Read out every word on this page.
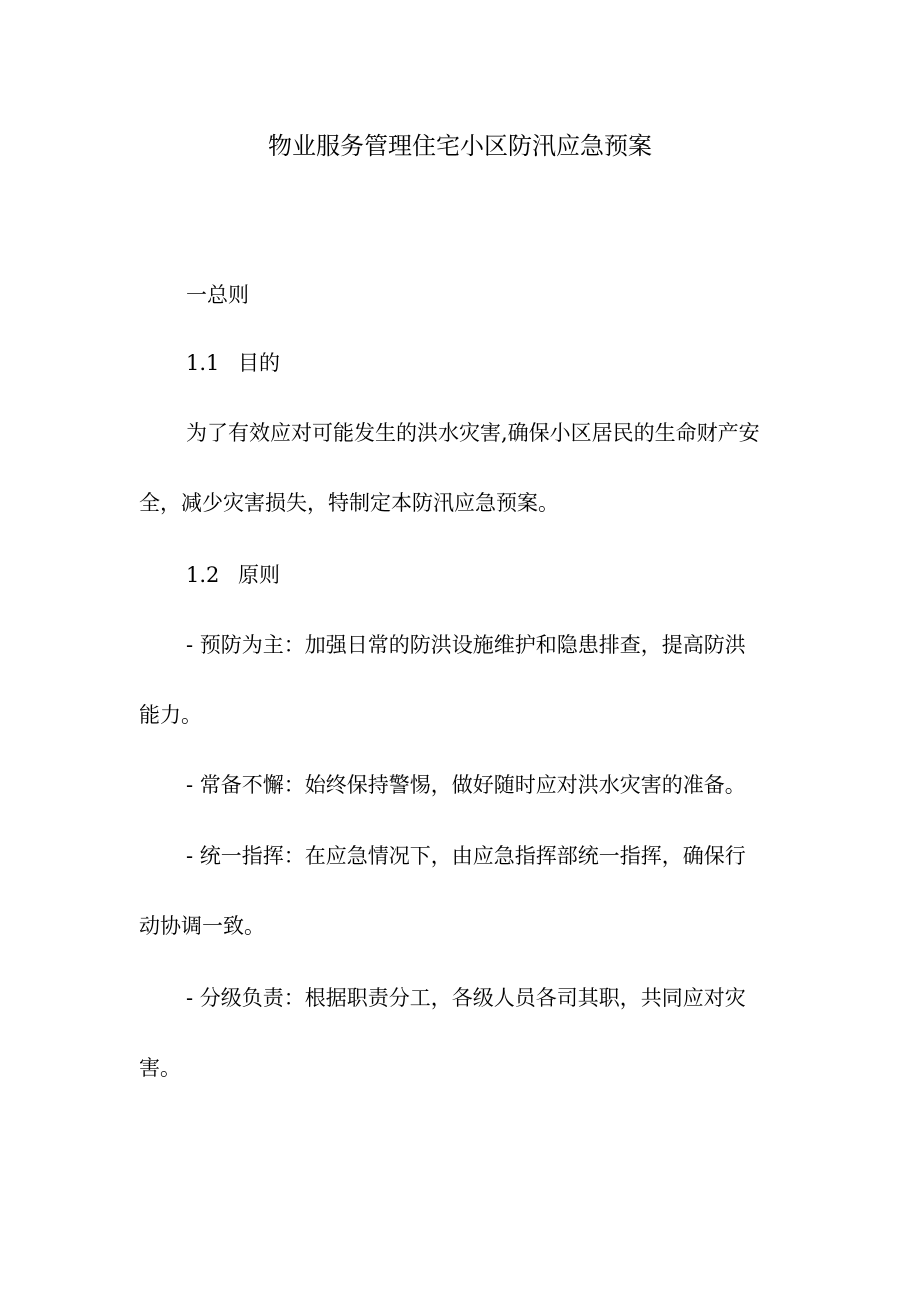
物业服务管理住宅小区防汛应急预案

一总则

1.1 目的

为了有效应对可能发生的洪水灾害,确保小区居民的生命财产安

全，减少灾害损失，特制定本防汛应急预案。

1.2 原则

- 预防为主：加强日常的防洪设施维护和隐患排查，提高防洪

能力。

- 常备不懈：始终保持警惕，做好随时应对洪水灾害的准备。

- 统一指挥：在应急情况下，由应急指挥部统一指挥，确保行

动协调一致。

- 分级负责：根据职责分工，各级人员各司其职，共同应对灾

害。
